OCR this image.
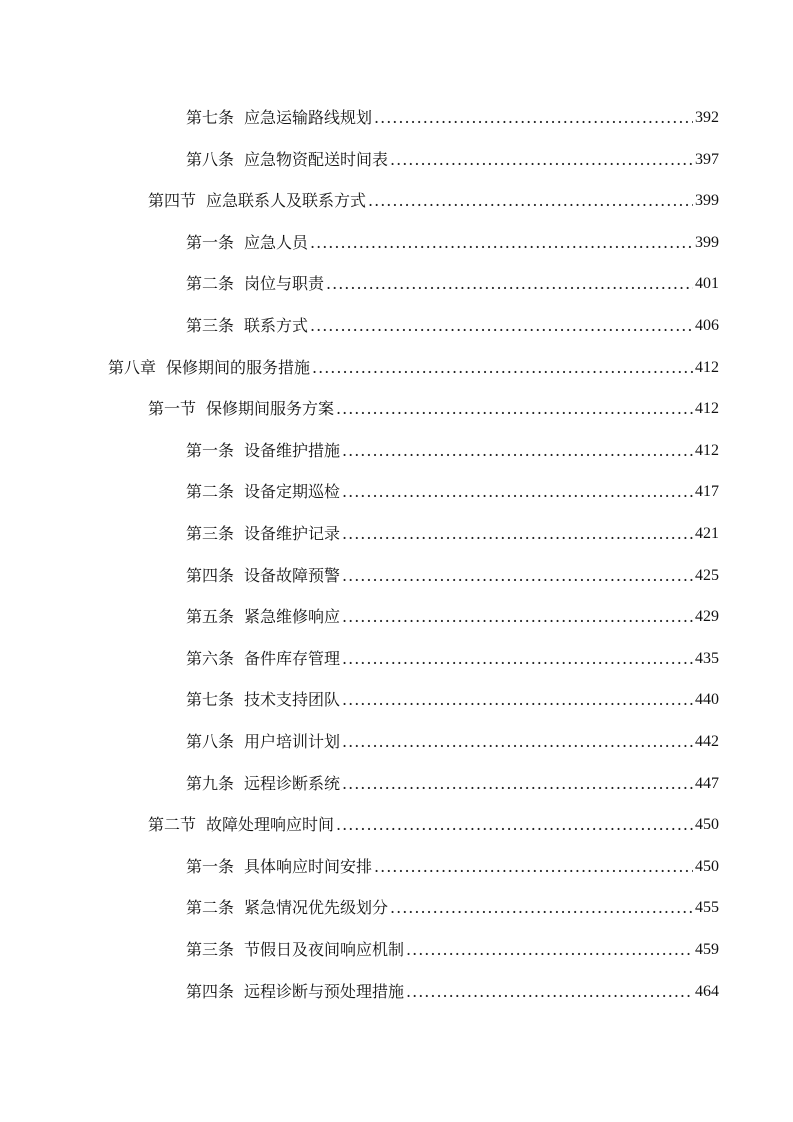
第七条 应急运输路线规划 .....	392
第八条 应急物资配送时间表 .....	397
第四节 应急联系人及联系方式 .....	399
第一条 应急人员 .....	399
第二条 岗位与职责 .....	401
第三条 联系方式 .....	406
第八章 保修期间的服务措施 .....	412
第一节 保修期间服务方案 .....	412
第一条 设备维护措施 .....	412
第二条 设备定期巡检 .....	417
第三条 设备维护记录 .....	421
第四条 设备故障预警 .....	425
第五条 紧急维修响应 .....	429
第六条 备件库存管理 .....	435
第七条 技术支持团队 .....	440
第八条 用户培训计划 .....	442
第九条 远程诊断系统 .....	447
第二节 故障处理响应时间 .....	450
第一条 具体响应时间安排 .....	450
第二条 紧急情况优先级划分 .....	455
第三条 节假日及夜间响应机制 .....	459
第四条 远程诊断与预处理措施 .....	464
